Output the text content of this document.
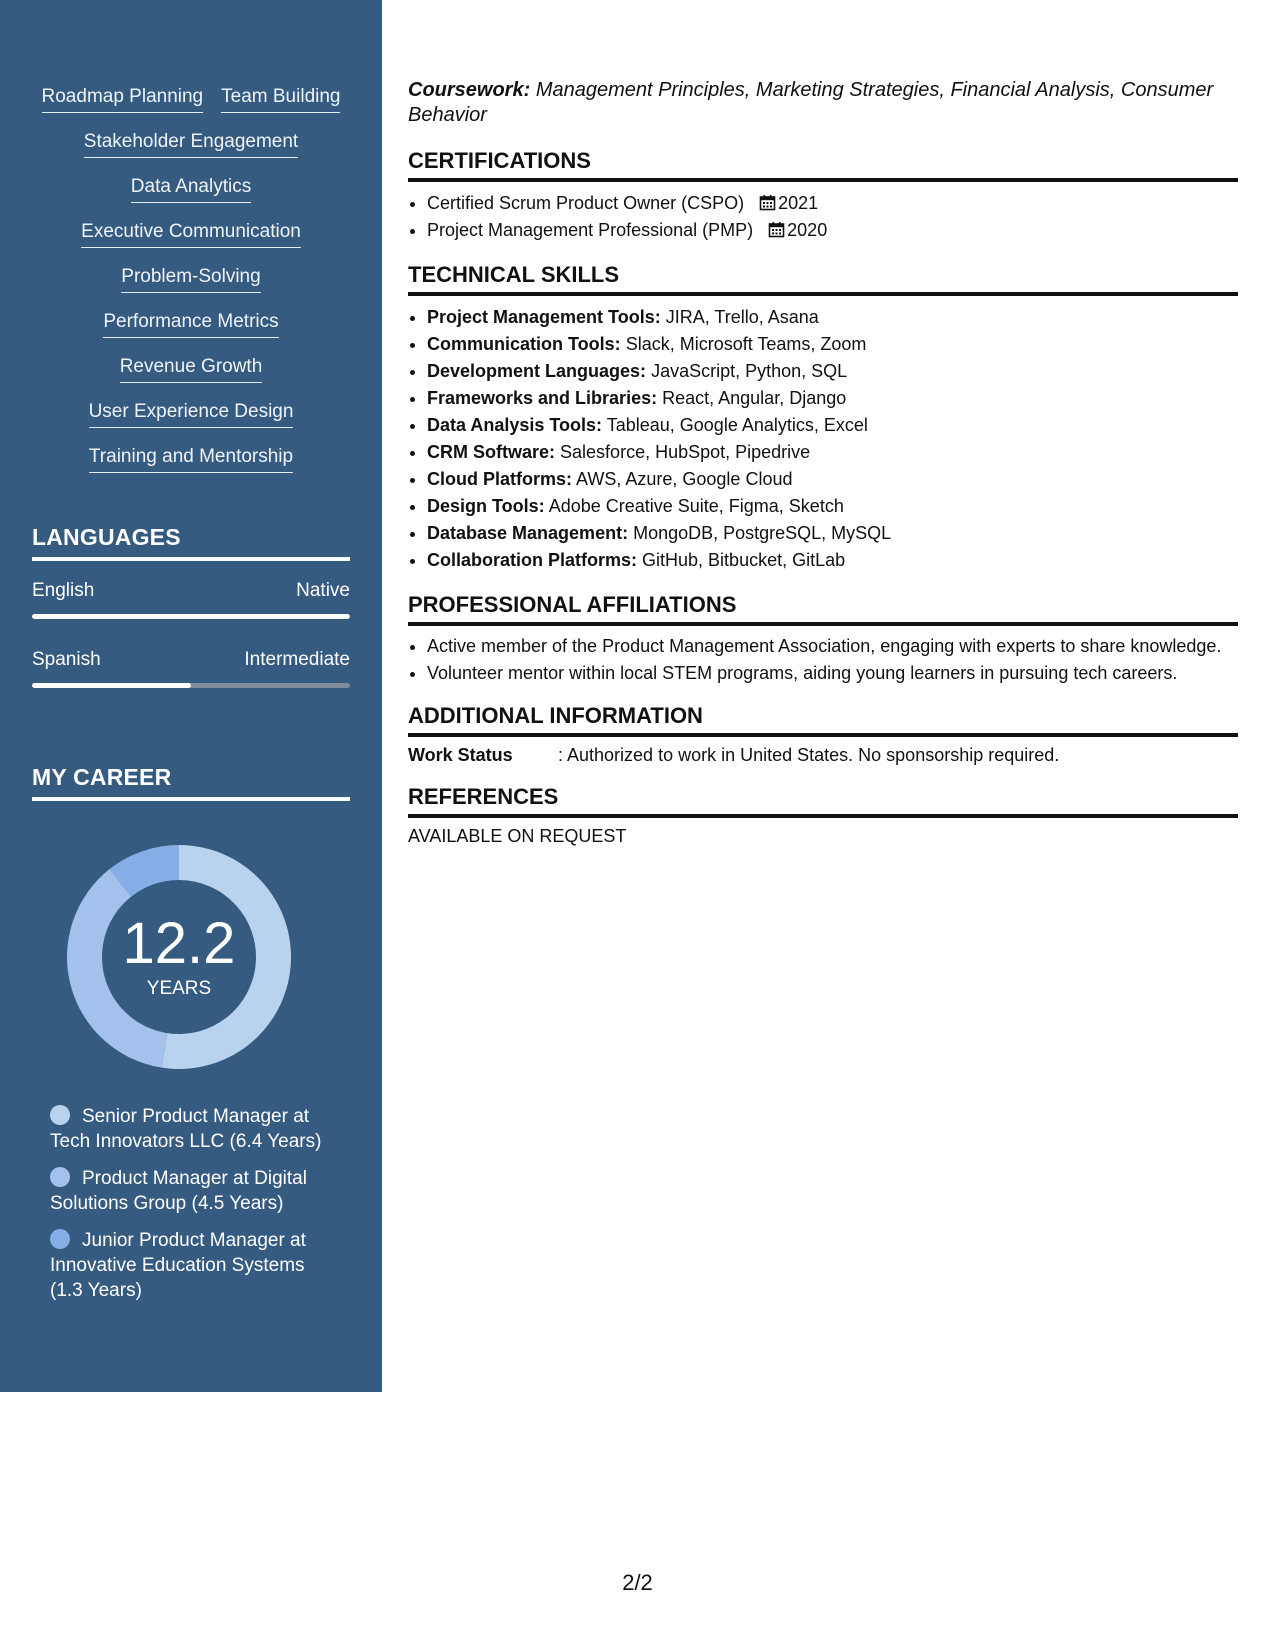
Roadmap Planning Team Building
Stakeholder Engagement
Data Analytics
Executive Communication
Problem-Solving
Performance Metrics
Revenue Growth
User Experience Design
Training and Mentorship
LANGUAGES
English	Native
Spanish	Intermediate
MY CAREER
12.2
YEARS
Senior Product Manager at Tech Innovators LLC (6.4 Years)
Product Manager at Digital Solutions Group (4.5 Years)
Junior Product Manager at Innovative Education Systems (1.3 Years)
Coursework: Management Principles, Marketing Strategies, Financial Analysis, Consumer Behavior
CERTIFICATIONS
• Certified Scrum Product Owner (CSPO) 2021
• Project Management Professional (PMP) 2020
TECHNICAL SKILLS
• Project Management Tools: JIRA, Trello, Asana
• Communication Tools: Slack, Microsoft Teams, Zoom
• Development Languages: JavaScript, Python, SQL
• Frameworks and Libraries: React, Angular, Django
• Data Analysis Tools: Tableau, Google Analytics, Excel
• CRM Software: Salesforce, HubSpot, Pipedrive
• Cloud Platforms: AWS, Azure, Google Cloud
• Design Tools: Adobe Creative Suite, Figma, Sketch
• Database Management: MongoDB, PostgreSQL, MySQL
• Collaboration Platforms: GitHub, Bitbucket, GitLab
PROFESSIONAL AFFILIATIONS
• Active member of the Product Management Association, engaging with experts to share knowledge.
• Volunteer mentor within local STEM programs, aiding young learners in pursuing tech careers.
ADDITIONAL INFORMATION
Work Status	: Authorized to work in United States. No sponsorship required.
REFERENCES
AVAILABLE ON REQUEST
2/2
